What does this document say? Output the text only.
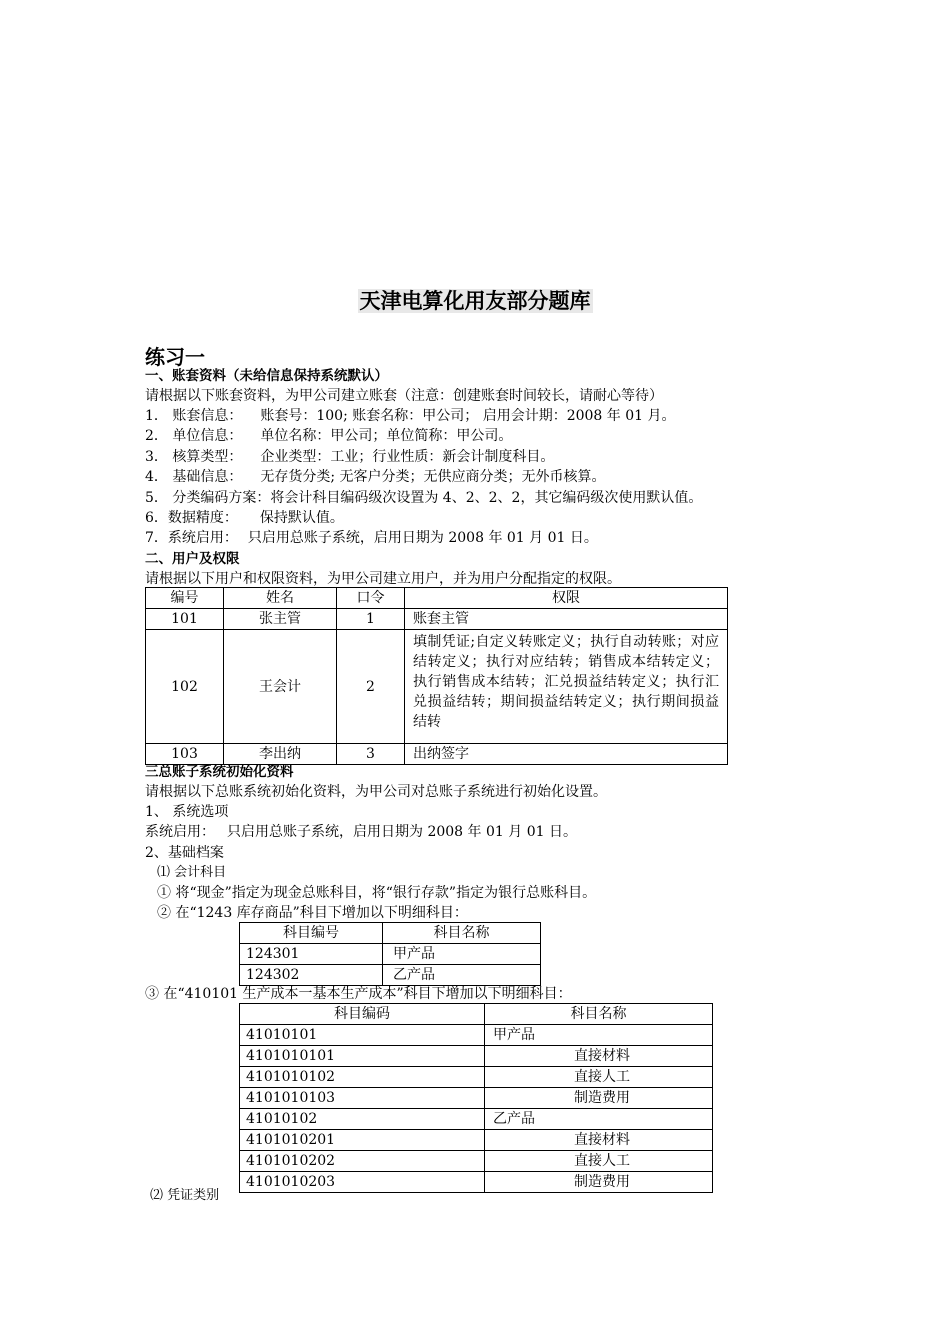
天津电算化用友部分题库
练习一
一、账套资料（未给信息保持系统默认）
请根据以下账套资料，为甲公司建立账套（注意：创建账套时间较长，请耐心等待）
1． 账套信息： 账套号：100; 账套名称：甲公司； 启用会计期：2008 年 01 月。
2． 单位信息： 单位名称：甲公司；单位简称：甲公司。
3． 核算类型： 企业类型：工业；行业性质：新会计制度科目。
4． 基础信息： 无存货分类; 无客户分类；无供应商分类；无外币核算。
5． 分类编码方案：将会计科目编码级次设置为 4、2、2、2，其它编码级次使用默认值。
6．数据精度： 保持默认值。
7．系统启用： 只启用总账子系统，启用日期为 2008 年 01 月 01 日。
二、用户及权限
请根据以下用户和权限资料，为甲公司建立用户，并为用户分配指定的权限。
编号	姓名	口令	权限
101	张主管	1	账套主管
102	王会计	2	填制凭证;自定义转账定义；执行自动转账；对应结转定义；执行对应结转；销售成本结转定义；执行销售成本结转；汇兑损益结转定义；执行汇兑损益结转；期间损益结转定义；执行期间损益结转
103	李出纳	3	出纳签字
三总账子系统初始化资料
请根据以下总账系统初始化资料，为甲公司对总账子系统进行初始化设置。
1、 系统选项
系统启用： 只启用总账子系统，启用日期为 2008 年 01 月 01 日。
2、基础档案
⑴ 会计科目
① 将“现金”指定为现金总账科目，将“银行存款”指定为银行总账科目。
② 在“1243 库存商品”科目下增加以下明细科目：
科目编号	科目名称
124301	甲产品
124302	乙产品
③ 在“410101 生产成本一基本生产成本”科目下增加以下明细科目：
科目编码	科目名称
41010101	甲产品
4101010101	直接材料
4101010102	直接人工
4101010103	制造费用
41010102	乙产品
4101010201	直接材料
4101010202	直接人工
4101010203	制造费用
⑵ 凭证类别
